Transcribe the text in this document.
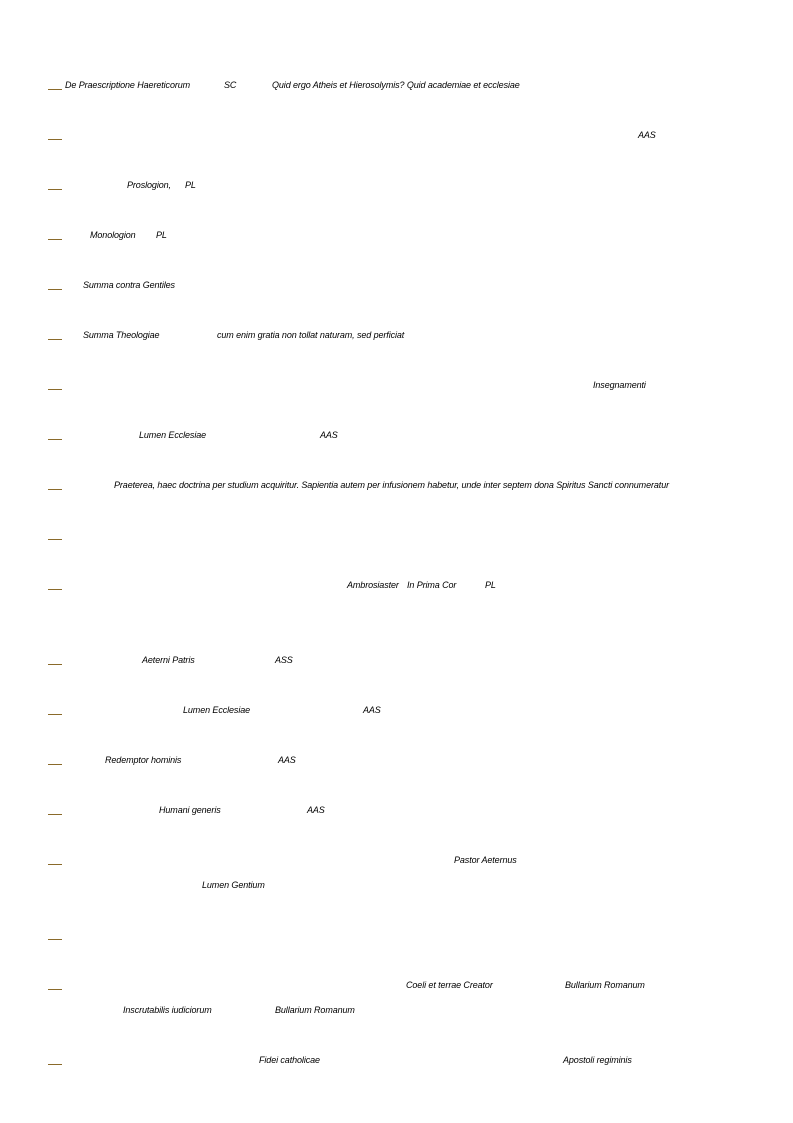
De Praescriptione Haereticorum	SC	Quid ergo Atheis et Hierosolymis? Quid academiae et ecclesiae
AAS
Proslogion, PL
Monologion PL
Summa contra Gentiles
Summa Theologiae	cum enim gratia non tollat naturam, sed perficiat
Insegnamenti
Lumen Ecclesiae	AAS
Praeterea, haec doctrina per studium acquiritur. Sapientia autem per infusionem habetur, unde inter septem dona Spiritus Sancti connumeratur
Ambrosiaster In Prima Cor	PL
Aeterni Patris	ASS
Lumen Ecclesiae	AAS
Redemptor hominis	AAS
Humani generis	AAS
Pastor Aeternus
Lumen Gentium
Coeli et terrae Creator	Bullarium Romanum
Inscrutabilis iudiciorum	Bullarium Romanum
Fidei catholicae	Apostoli regiminis
